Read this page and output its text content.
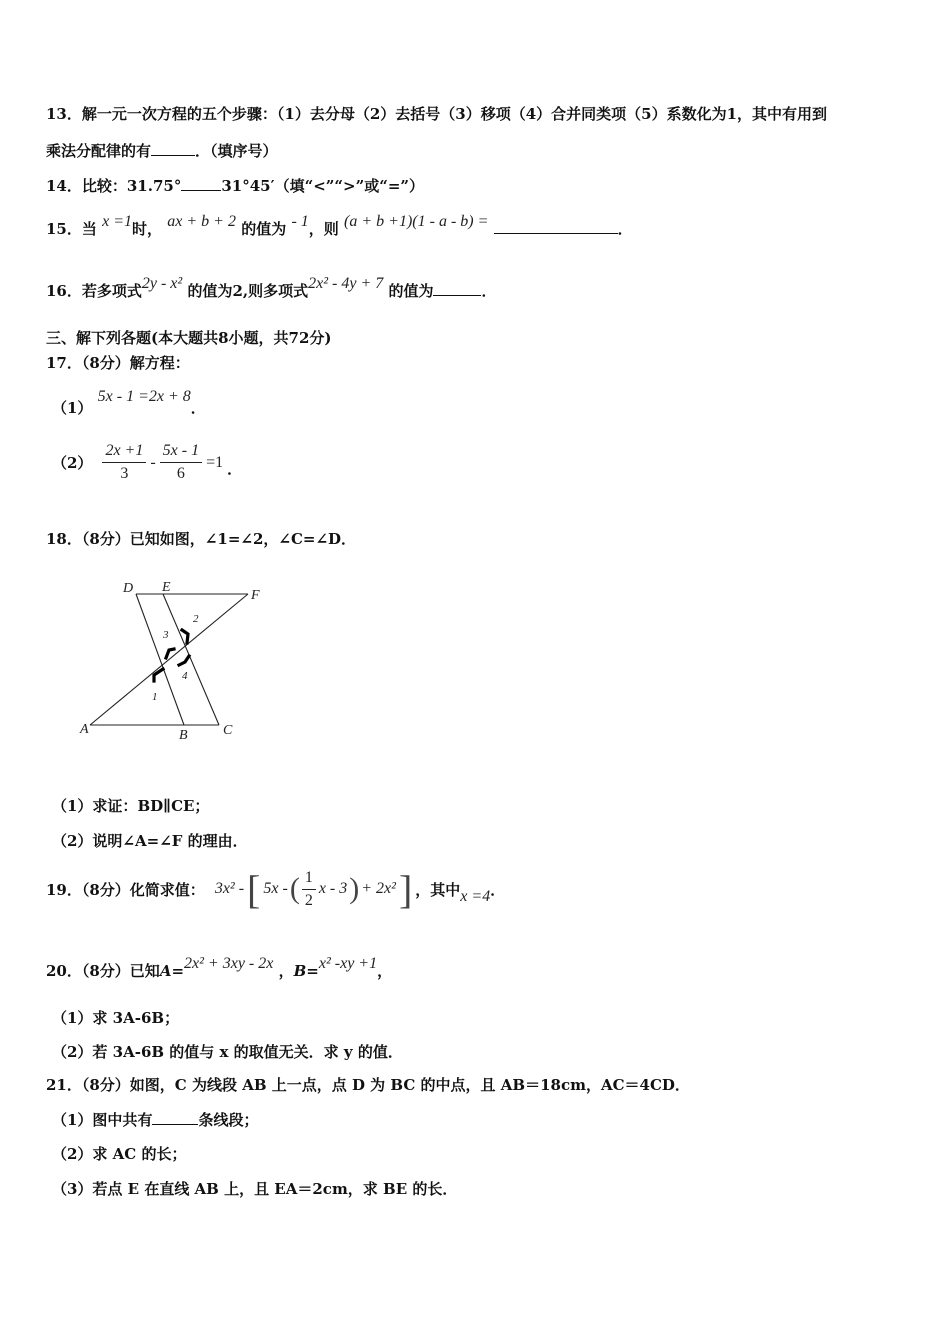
13．解一元一次方程的五个步骤：（1）去分母（2）去括号（3）移项（4）合并同类项（5）系数化为1，其中有用到
乘法分配律的有	．（填序号）
14．比较：31.75°	31°45′（填“<”“>”或“=”）
15．当 x =1时， ax + b + 2 的值为 - 1，则 (a + b +1)(1 - a - b) =	．
16．若多项式2y - x² 的值为2,则多项式2x² - 4y + 7 的值为	．
三、解下列各题(本大题共8小题，共72分)
17．（8分）解方程：
（1） 5x - 1 =2x + 8．
$(2) \frac{2x +1}{3} - \frac{5x - 1}{6} =1$ ．
18．（8分）已知如图，∠1=∠2，∠C=∠D．
D E
F
3
2
4
1
A	B	C
（1）求证：BD∥CE；
（2）说明∠A=∠F 的理由．
19．（8分）化简求值： 3x² - [ 5x - ( $\frac{1}{2}$ x - 3 ) + 2x² ] ，其中 x =4 ．
20．（8分）已知A=2x² + 3xy - 2x ，B=x² -xy +1，
（1）求 3A-6B；
（2）若 3A-6B 的值与 x 的取值无关．求 y 的值．
21．（8分）如图，C 为线段 AB 上一点，点 D 为 BC 的中点，且 AB＝18cm，AC＝4CD．
（1）图中共有	条线段；
（2）求 AC 的长；
（3）若点 E 在直线 AB 上，且 EA＝2cm，求 BE 的长．
